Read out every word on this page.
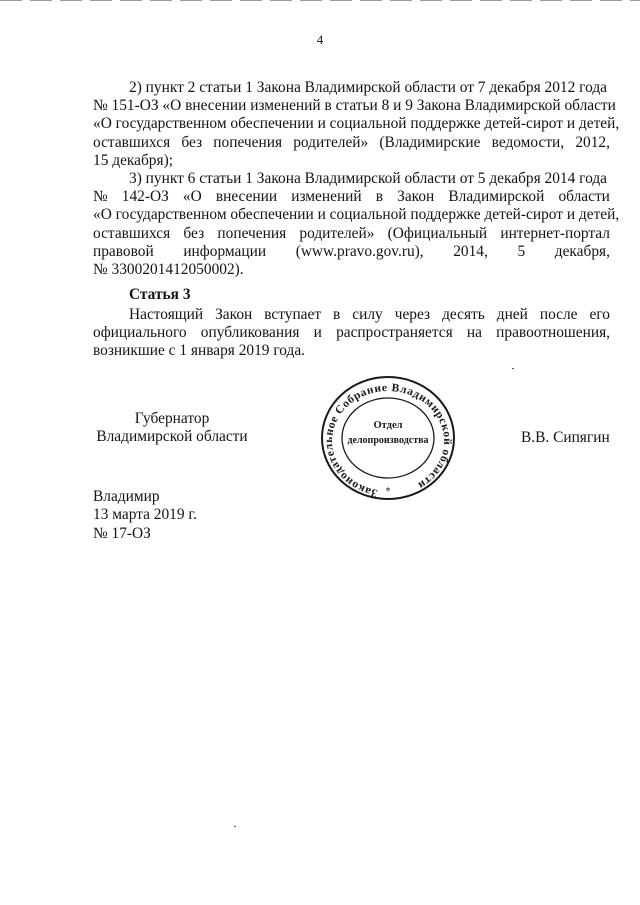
4
2) пункт 2 статьи 1 Закона Владимирской области от 7 декабря 2012 года
№ 151-ОЗ «О внесении изменений в статьи 8 и 9 Закона Владимирской области
«О государственном обеспечении и социальной поддержке детей-сирот и детей,
оставшихся без попечения родителей» (Владимирские ведомости, 2012,
15 декабря);
3) пункт 6 статьи 1 Закона Владимирской области от 5 декабря 2014 года
№ 142-ОЗ «О внесении изменений в Закон Владимирской области
«О государственном обеспечении и социальной поддержке детей-сирот и детей,
оставшихся без попечения родителей» (Официальный интернет-портал
правовой информации (www.pravo.gov.ru), 2014, 5 декабря,
№ 3300201412050002).
Статья 3
Настоящий Закон вступает в силу через десять дней после его
официального опубликования и распространяется на правоотношения,
возникшие с 1 января 2019 года.
Губернатор
Владимирской области
Законодательное Собрание Владимирской области
*
Отдел
делопроизводства	В.В. Сипягин
Владимир
13 марта 2019 г.
№ 17-ОЗ
